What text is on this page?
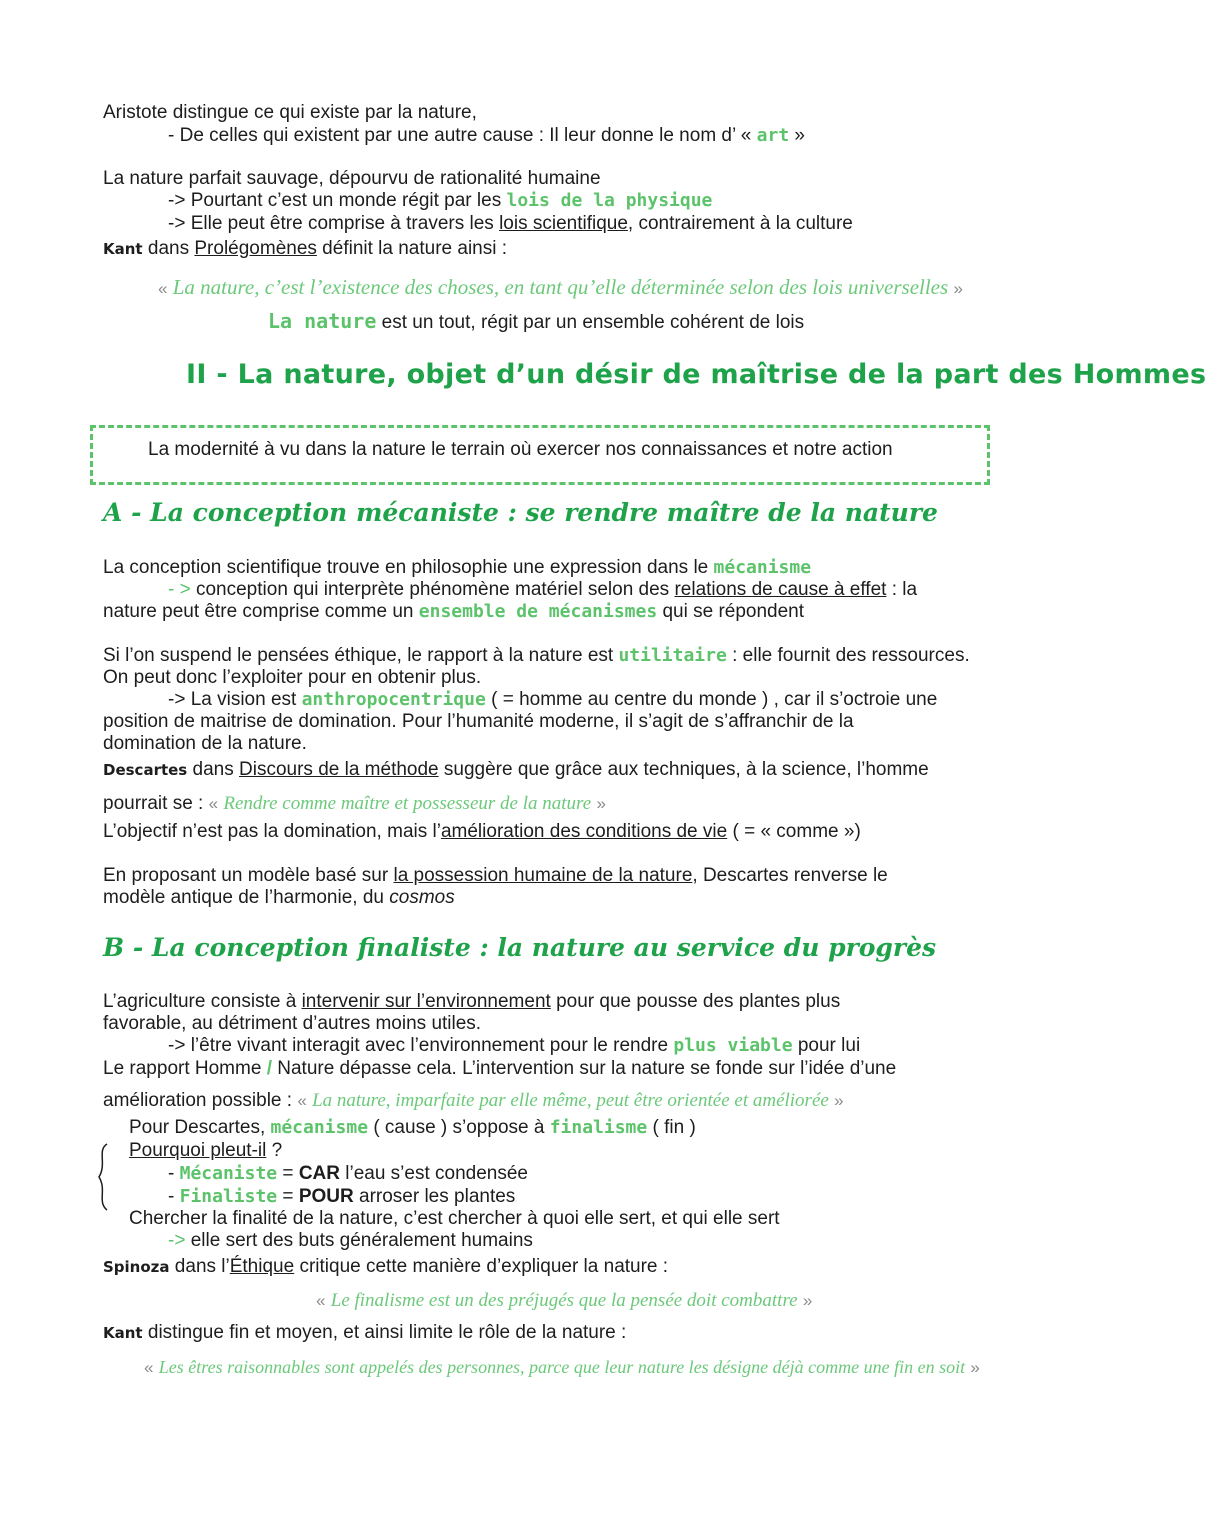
Aristote distingue ce qui existe par la nature,
- De celles qui existent par une autre cause : Il leur donne le nom d’ « art »
La nature parfait sauvage, dépourvu de rationalité humaine
-> Pourtant c’est un monde régit par les lois de la physique
-> Elle peut être comprise à travers les lois scientifique, contrairement à la culture
Kant dans Prolégomènes définit la nature ainsi :
« La nature, c’est l’existence des choses, en tant qu’elle déterminée selon des lois universelles »
La nature est un tout, régit par un ensemble cohérent de lois
II - La nature, objet d’un désir de maîtrise de la part des Hommes
La modernité à vu dans la nature le terrain où exercer nos connaissances et notre action
A - La conception mécaniste : se rendre maître de la nature
La conception scientifique trouve en philosophie une expression dans le mécanisme
- > conception qui interprète phénomène matériel selon des relations de cause à effet : la
nature peut être comprise comme un ensemble de mécanismes qui se répondent
Si l’on suspend le pensées éthique, le rapport à la nature est utilitaire : elle fournit des ressources.
On peut donc l’exploiter pour en obtenir plus.
-> La vision est anthropocentrique ( = homme au centre du monde ) , car il s’octroie une
position de maitrise de domination. Pour l’humanité moderne, il s’agit de s’affranchir de la
domination de la nature.
Descartes dans Discours de la méthode suggère que grâce aux techniques, à la science, l’homme
pourrait se : « Rendre comme maître et possesseur de la nature »
L’objectif n’est pas la domination, mais l’amélioration des conditions de vie ( = « comme »)
En proposant un modèle basé sur la possession humaine de la nature, Descartes renverse le
modèle antique de l’harmonie, du cosmos
B - La conception finaliste : la nature au service du progrès
L’agriculture consiste à intervenir sur l’environnement pour que pousse des plantes plus
favorable, au détriment d’autres moins utiles.
-> l’être vivant interagit avec l’environnement pour le rendre plus viable pour lui
Le rapport Homme / Nature dépasse cela. L’intervention sur la nature se fonde sur l’idée d’une
amélioration possible : « La nature, imparfaite par elle même, peut être orientée et améliorée »
Pour Descartes, mécanisme ( cause ) s’oppose à finalisme ( fin )
Pourquoi pleut-il ?
- Mécaniste = CAR l’eau s’est condensée
- Finaliste = POUR arroser les plantes
Chercher la finalité de la nature, c’est chercher à quoi elle sert, et qui elle sert
-> elle sert des buts généralement humains
Spinoza dans l’Éthique critique cette manière d’expliquer la nature :
« Le finalisme est un des préjugés que la pensée doit combattre »
Kant distingue fin et moyen, et ainsi limite le rôle de la nature :
« Les êtres raisonnables sont appelés des personnes, parce que leur nature les désigne déjà comme une fin en soit »
